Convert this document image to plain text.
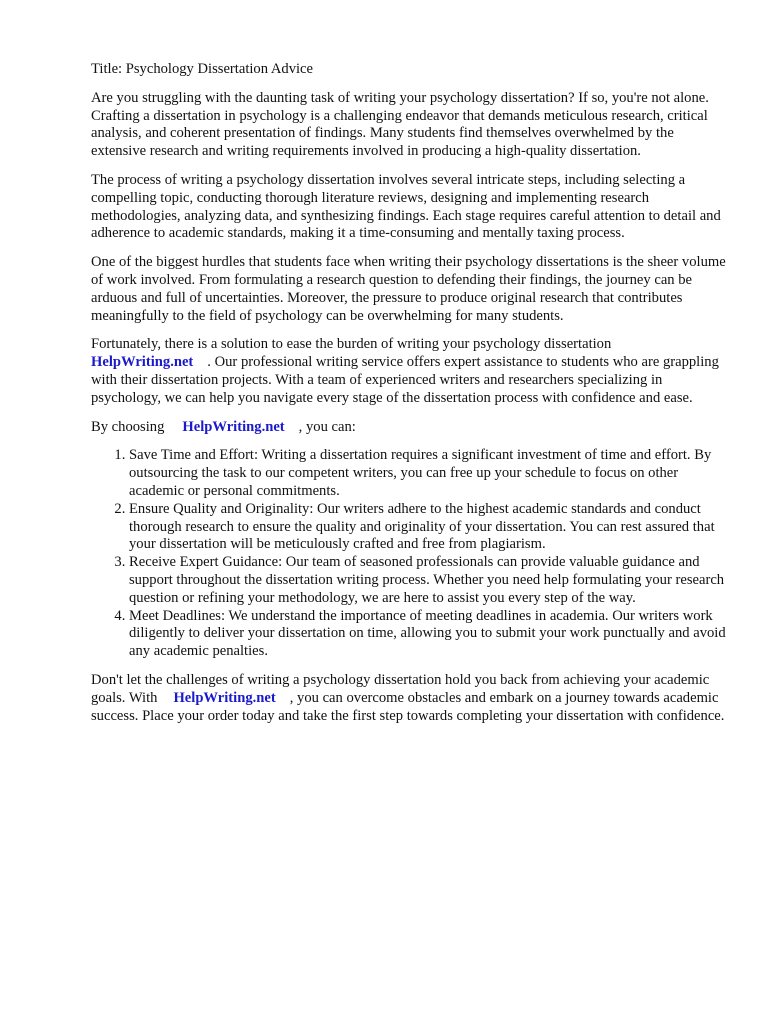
Title: Psychology Dissertation Advice

Are you struggling with the daunting task of writing your psychology dissertation? If so, you're not alone. Crafting a dissertation in psychology is a challenging endeavor that demands meticulous research, critical analysis, and coherent presentation of findings. Many students find themselves overwhelmed by the extensive research and writing requirements involved in producing a high-quality dissertation.

The process of writing a psychology dissertation involves several intricate steps, including selecting a compelling topic, conducting thorough literature reviews, designing and implementing research methodologies, analyzing data, and synthesizing findings. Each stage requires careful attention to detail and adherence to academic standards, making it a time-consuming and mentally taxing process.

One of the biggest hurdles that students face when writing their psychology dissertations is the sheer volume of work involved. From formulating a research question to defending their findings, the journey can be arduous and full of uncertainties. Moreover, the pressure to produce original research that contributes meaningfully to the field of psychology can be overwhelming for many students.

Fortunately, there is a solution to ease the burden of writing your psychology dissertation
HelpWriting.net . Our professional writing service offers expert assistance to students who are grappling with their dissertation projects. With a team of experienced writers and researchers specializing in psychology, we can help you navigate every stage of the dissertation process with confidence and ease.

By choosing HelpWriting.net , you can:

1. Save Time and Effort: Writing a dissertation requires a significant investment of time and effort. By outsourcing the task to our competent writers, you can free up your schedule to focus on other academic or personal commitments.
2. Ensure Quality and Originality: Our writers adhere to the highest academic standards and conduct thorough research to ensure the quality and originality of your dissertation. You can rest assured that your dissertation will be meticulously crafted and free from plagiarism.
3. Receive Expert Guidance: Our team of seasoned professionals can provide valuable guidance and support throughout the dissertation writing process. Whether you need help formulating your research question or refining your methodology, we are here to assist you every step of the way.
4. Meet Deadlines: We understand the importance of meeting deadlines in academia. Our writers work diligently to deliver your dissertation on time, allowing you to submit your work punctually and avoid any academic penalties.

Don't let the challenges of writing a psychology dissertation hold you back from achieving your academic goals. With HelpWriting.net , you can overcome obstacles and embark on a journey towards academic success. Place your order today and take the first step towards completing your dissertation with confidence.
